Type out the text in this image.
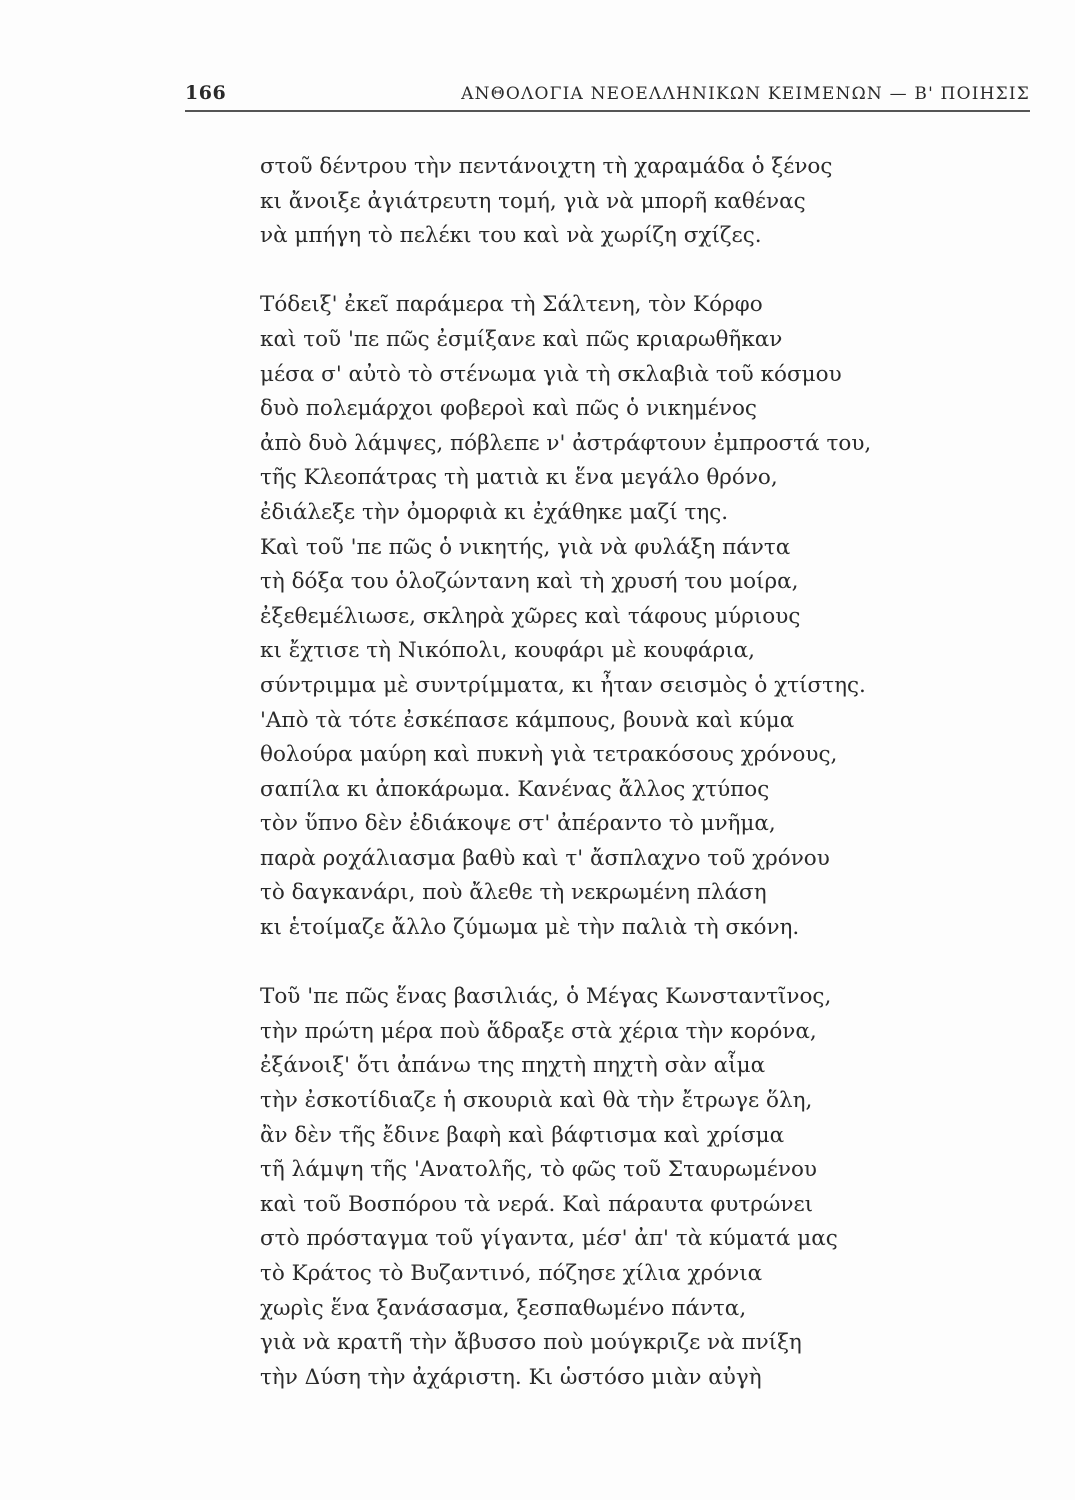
166	ΑΝΘΟΛΟΓΙΑ ΝΕΟΕΛΛΗΝΙΚΩΝ ΚΕΙΜΕΝΩΝ — Β' ΠΟΙΗΣΙΣ
στοῦ δέντρου τὴν πεντάνοιχτη τὴ χαραμάδα ὁ ξένος
κι ἄνοιξε ἀγιάτρευτη τομή, γιὰ νὰ μπορῆ καθένας
νὰ μπήγη τὸ πελέκι του καὶ νὰ χωρίζη σχίζες.
Τόδειξ' ἐκεῖ παράμερα τὴ Σάλτενη, τὸν Κόρφο
καὶ τοῦ 'πε πῶς ἐσμίξανε καὶ πῶς κριαρωθῆκαν
μέσα σ' αὐτὸ τὸ στένωμα γιὰ τὴ σκλαβιὰ τοῦ κόσμου
δυὸ πολεμάρχοι φοβεροὶ καὶ πῶς ὁ νικημένος
ἀπὸ δυὸ λάμψες, πόβλεπε ν' ἀστράφτουν ἐμπροστά του,
τῆς Κλεοπάτρας τὴ ματιὰ κι ἕνα μεγάλο θρόνο,
ἐδιάλεξε τὴν ὀμορφιὰ κι ἐχάθηκε μαζί της.
Καὶ τοῦ 'πε πῶς ὁ νικητής, γιὰ νὰ φυλάξη πάντα
τὴ δόξα του ὁλοζώντανη καὶ τὴ χρυσή του μοίρα,
ἐξεθεμέλιωσε, σκληρὰ χῶρες καὶ τάφους μύριους
κι ἔχτισε τὴ Νικόπολι, κουφάρι μὲ κουφάρια,
σύντριμμα μὲ συντρίμματα, κι ἦταν σεισμὸς ὁ χτίστης.
'Απὸ τὰ τότε ἐσκέπασε κάμπους, βουνὰ καὶ κύμα
θολούρα μαύρη καὶ πυκνὴ γιὰ τετρακόσους χρόνους,
σαπίλα κι ἀποκάρωμα. Κανένας ἄλλος χτύπος
τὸν ὕπνο δὲν ἐδιάκοψε στ' ἀπέραντο τὸ μνῆμα,
παρὰ ροχάλιασμα βαθὺ καὶ τ' ἄσπλαχνο τοῦ χρόνου
τὸ δαγκανάρι, ποὺ ἄλεθε τὴ νεκρωμένη πλάση
κι ἑτοίμαζε ἄλλο ζύμωμα μὲ τὴν παλιὰ τὴ σκόνη.
Τοῦ 'πε πῶς ἕνας βασιλιάς, ὁ Μέγας Κωνσταντῖνος,
τὴν πρώτη μέρα ποὺ ἅδραξε στὰ χέρια τὴν κορόνα,
ἐξάνοιξ' ὅτι ἀπάνω της πηχτὴ πηχτὴ σὰν αἷμα
τὴν ἐσκοτίδιαζε ἡ σκουριὰ καὶ θὰ τὴν ἔτρωγε ὅλη,
ἂν δὲν τῆς ἔδινε βαφὴ καὶ βάφτισμα καὶ χρίσμα
τῆ λάμψη τῆς 'Ανατολῆς, τὸ φῶς τοῦ Σταυρωμένου
καὶ τοῦ Βοσπόρου τὰ νερά. Καὶ πάραυτα φυτρώνει
στὸ πρόσταγμα τοῦ γίγαντα, μέσ' ἀπ' τὰ κύματά μας
τὸ Κράτος τὸ Βυζαντινό, πόζησε χίλια χρόνια
χωρὶς ἕνα ξανάσασμα, ξεσπαθωμένο πάντα,
γιὰ νὰ κρατῆ τὴν ἄβυσσο ποὺ μούγκριζε νὰ πνίξη
τὴν Δύση τὴν ἀχάριστη. Κι ὡστόσο μιὰν αὐγὴ
